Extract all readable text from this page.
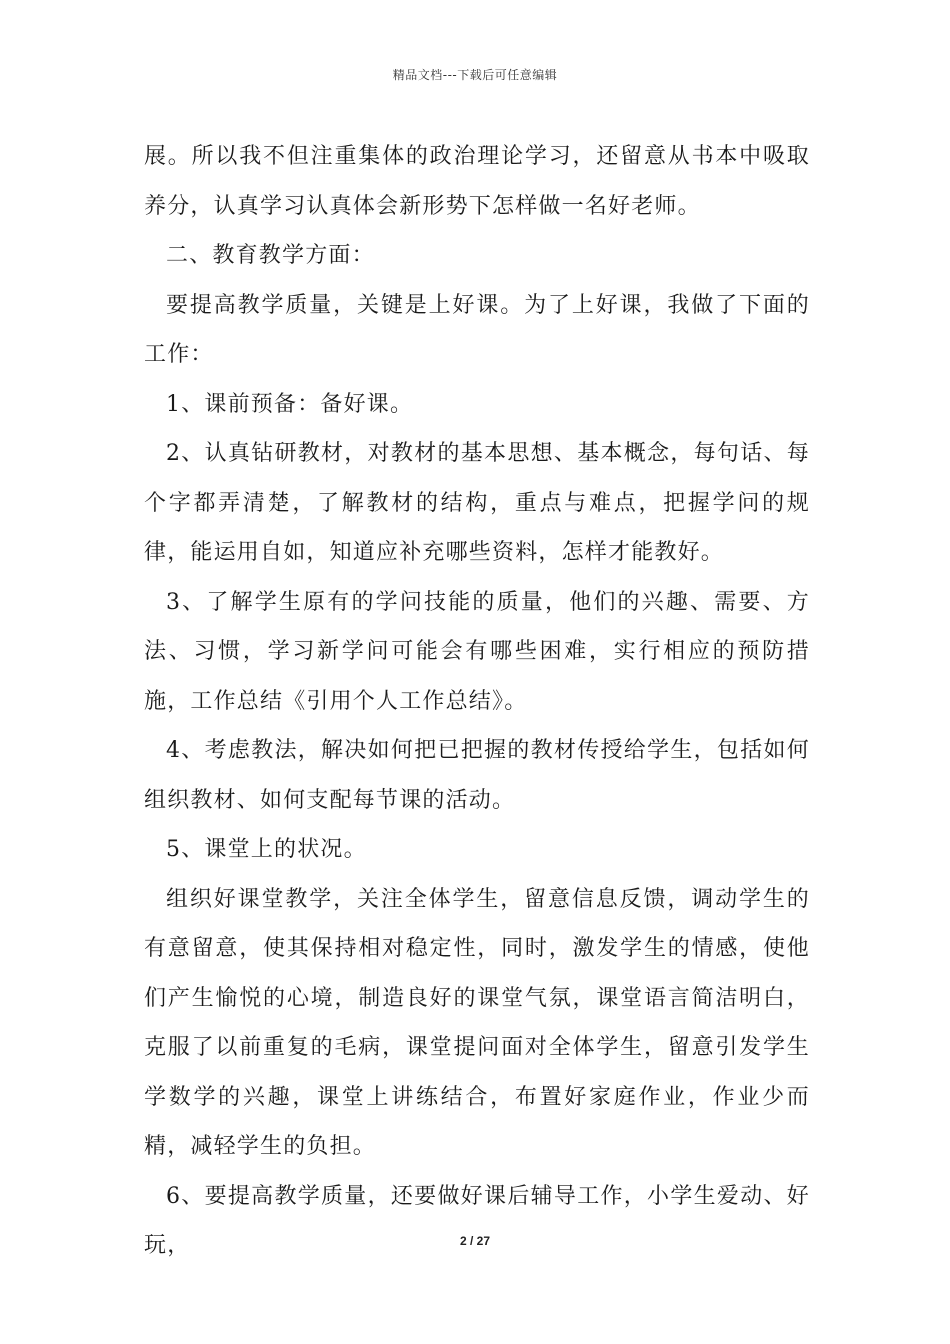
精品文档---下载后可任意编辑

展。所以我不但注重集体的政治理论学习，还留意从书本中吸取养分，认真学习认真体会新形势下怎样做一名好老师。

二、教育教学方面：

要提高教学质量，关键是上好课。为了上好课，我做了下面的工作：

1、课前预备：备好课。

2、认真钻研教材，对教材的基本思想、基本概念，每句话、每个字都弄清楚，了解教材的结构，重点与难点，把握学问的规律，能运用自如，知道应补充哪些资料，怎样才能教好。

3、了解学生原有的学问技能的质量，他们的兴趣、需要、方法、习惯，学习新学问可能会有哪些困难，实行相应的预防措施，工作总结《引用个人工作总结》。

4、考虑教法，解决如何把已把握的教材传授给学生，包括如何组织教材、如何支配每节课的活动。

5、课堂上的状况。

组织好课堂教学，关注全体学生，留意信息反馈，调动学生的有意留意，使其保持相对稳定性，同时，激发学生的情感，使他们产生愉悦的心境，制造良好的课堂气氛，课堂语言简洁明白，克服了以前重复的毛病，课堂提问面对全体学生，留意引发学生学数学的兴趣，课堂上讲练结合，布置好家庭作业，作业少而精，减轻学生的负担。

6、要提高教学质量，还要做好课后辅导工作，小学生爱动、好玩，	2 / 27
